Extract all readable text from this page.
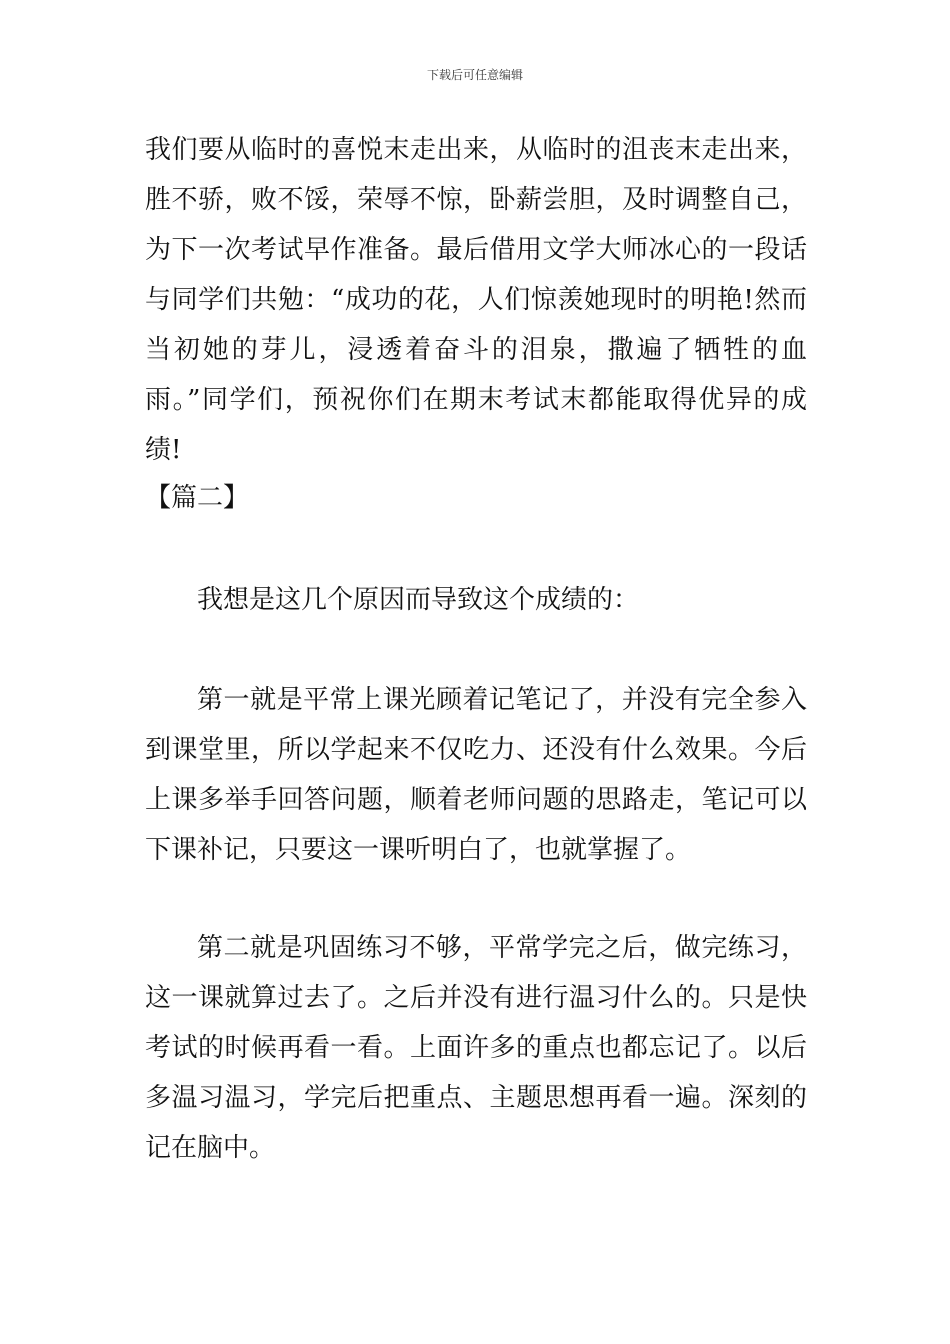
下载后可任意编辑
我们要从临时的喜悦末走出来，从临时的沮丧末走出来，
胜不骄，败不馁，荣辱不惊，卧薪尝胆，及时调整自己，
为下一次考试早作准备。最后借用文学大师冰心的一段话
与同学们共勉：“成功的花，人们惊羡她现时的明艳!然而
当初她的芽儿，浸透着奋斗的泪泉，撒遍了牺牲的血
雨。”同学们，预祝你们在期末考试末都能取得优异的成
绩!
【篇二】
我想是这几个原因而导致这个成绩的：
第一就是平常上课光顾着记笔记了，并没有完全参入
到课堂里，所以学起来不仅吃力、还没有什么效果。今后
上课多举手回答问题，顺着老师问题的思路走，笔记可以
下课补记，只要这一课听明白了，也就掌握了。
第二就是巩固练习不够，平常学完之后，做完练习，
这一课就算过去了。之后并没有进行温习什么的。只是快
考试的时候再看一看。上面许多的重点也都忘记了。以后
多温习温习，学完后把重点、主题思想再看一遍。深刻的
记在脑中。
